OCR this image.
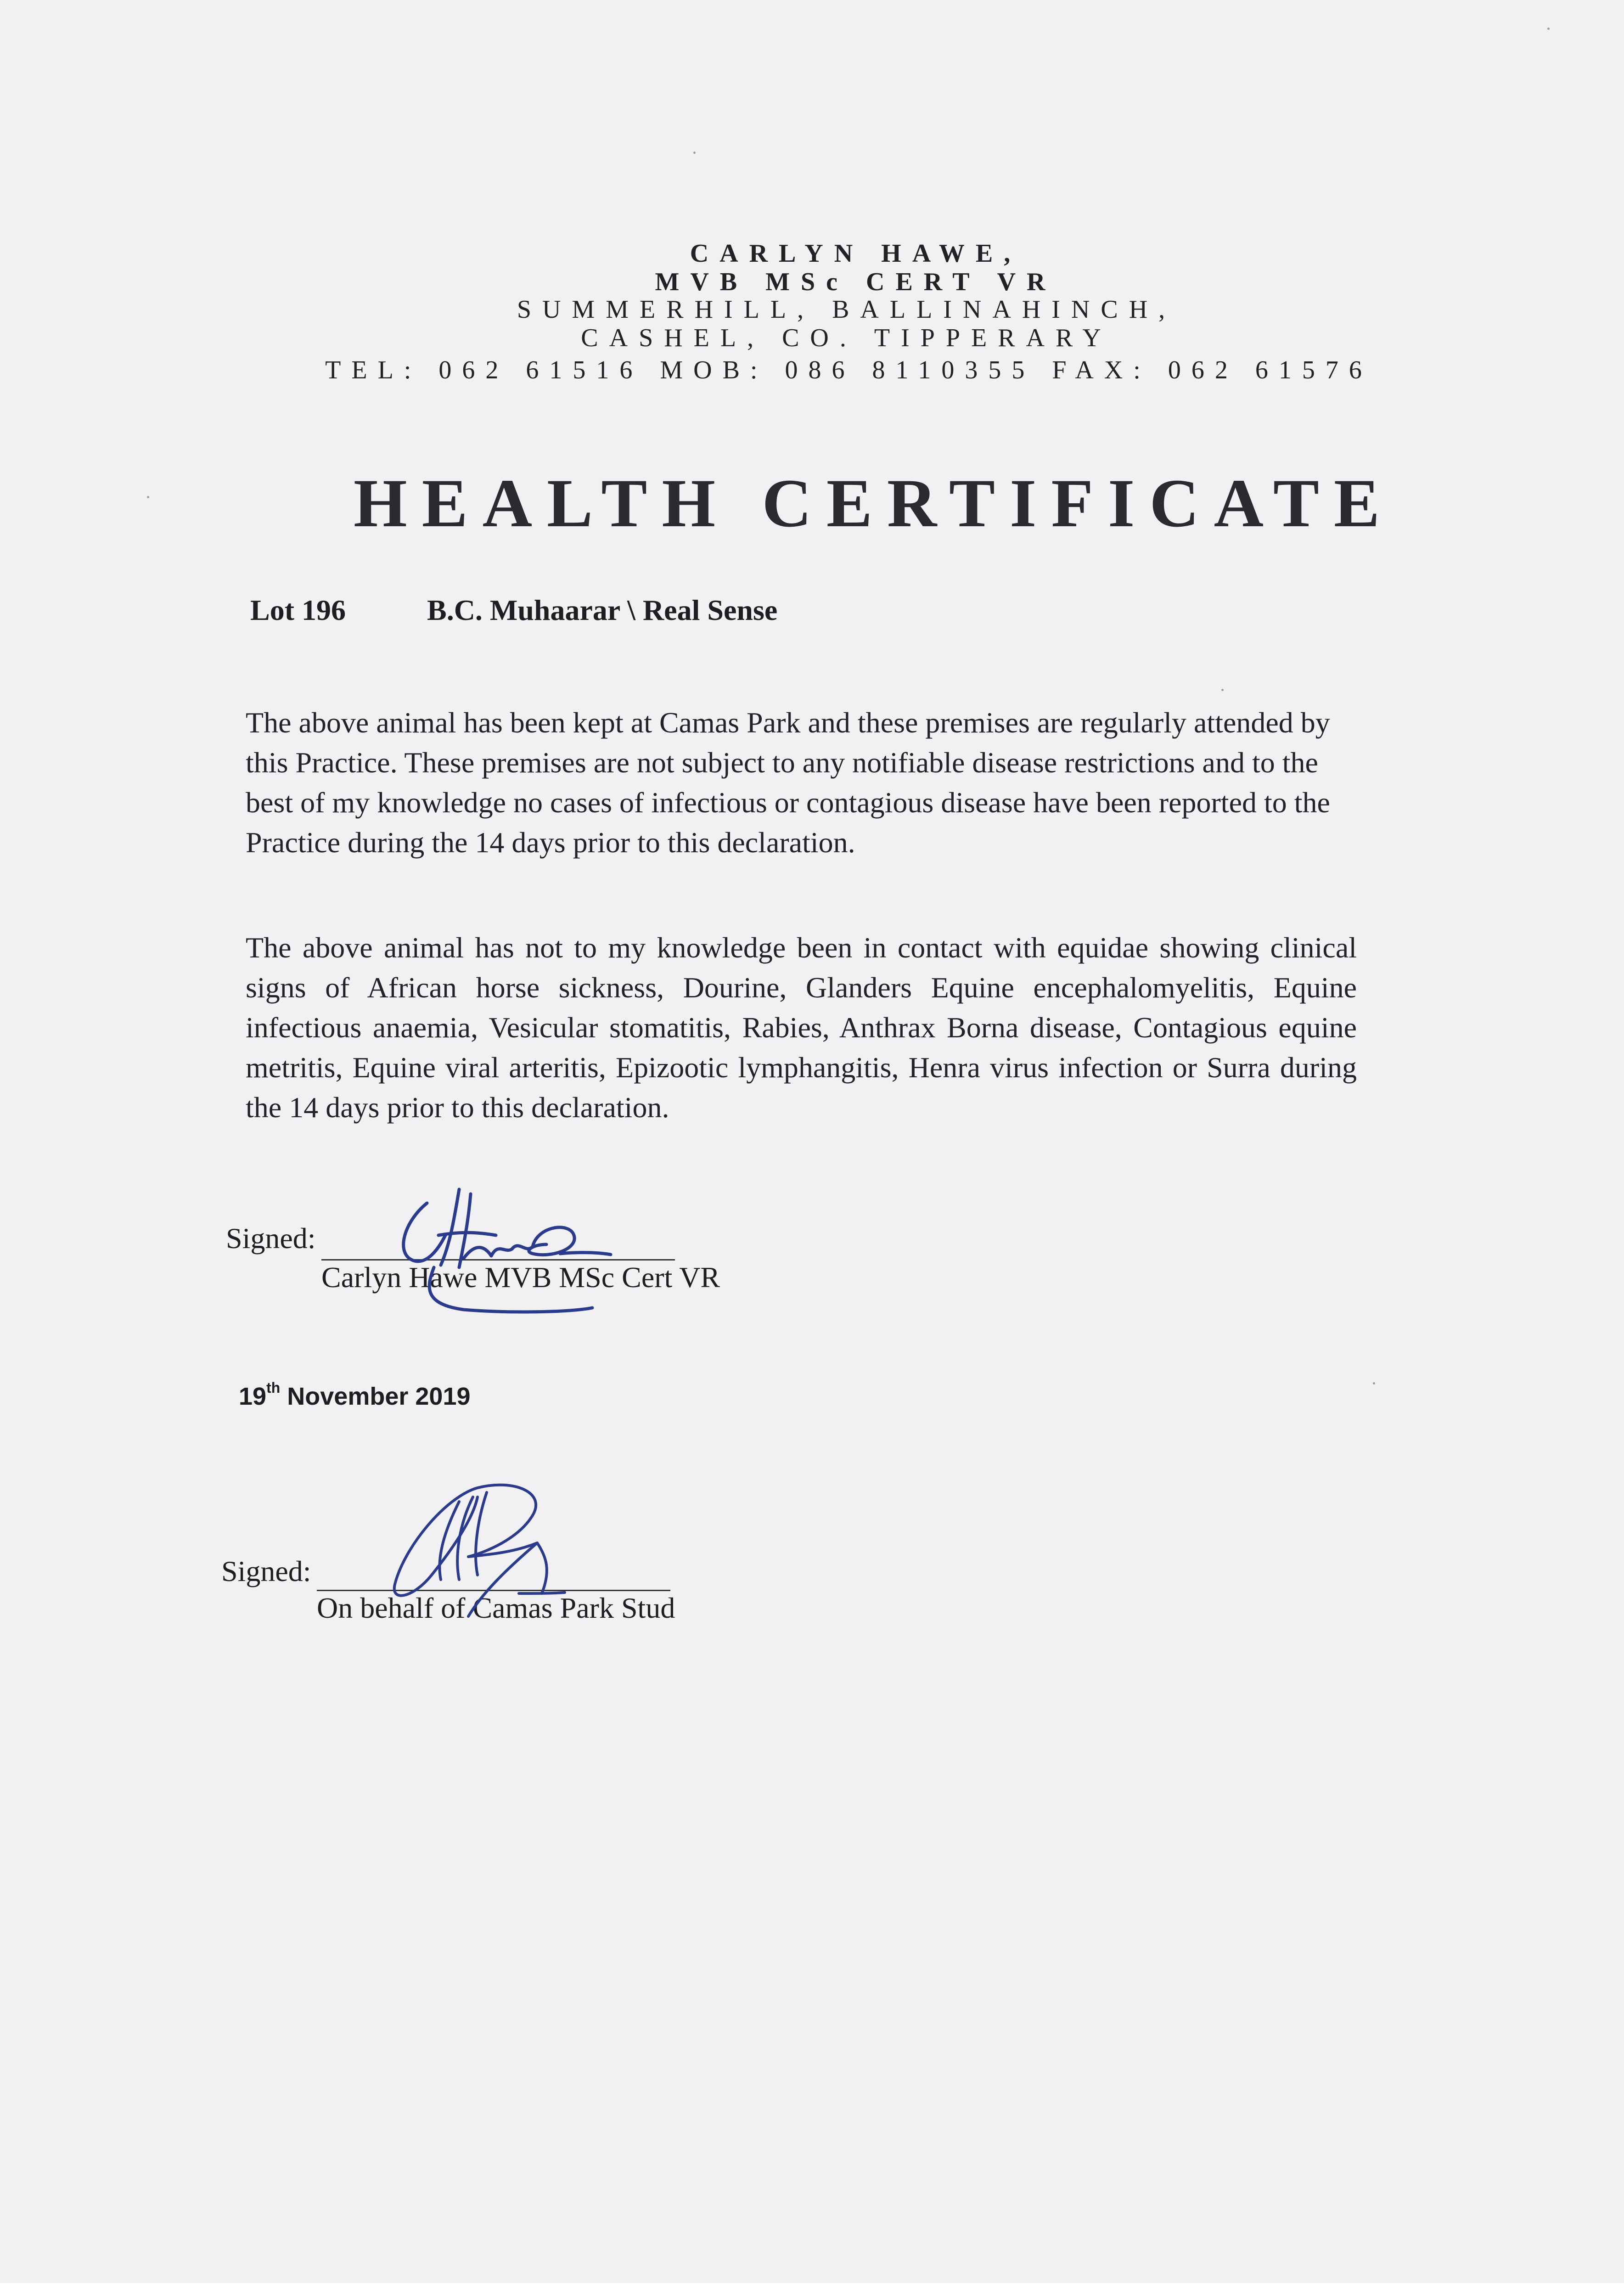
CARLYN HAWE,
MVB MSc CERT VR
SUMMERHILL, BALLINAHINCH,
CASHEL, CO. TIPPERARY
TEL: 062 61516 MOB: 086 8110355 FAX: 062 61576
HEALTH CERTIFICATE
Lot 196	B.C. Muhaarar \ Real Sense
The above animal has been kept at Camas Park and these premises are regularly attended by this Practice. These premises are not subject to any notifiable disease restrictions and to the best of my knowledge no cases of infectious or contagious disease have been reported to the Practice during the 14 days prior to this declaration.
The above animal has not to my knowledge been in contact with equidae showing clinical signs of African horse sickness, Dourine, Glanders Equine encephalomyelitis, Equine infectious anaemia, Vesicular stomatitis, Rabies, Anthrax Borna disease, Contagious equine metritis, Equine viral arteritis, Epizootic lymphangitis, Henra virus infection or Surra during the 14 days prior to this declaration.
Signed:
Carlyn Hawe MVB MSc Cert VR
19th November 2019
Signed:
On behalf of Camas Park Stud
